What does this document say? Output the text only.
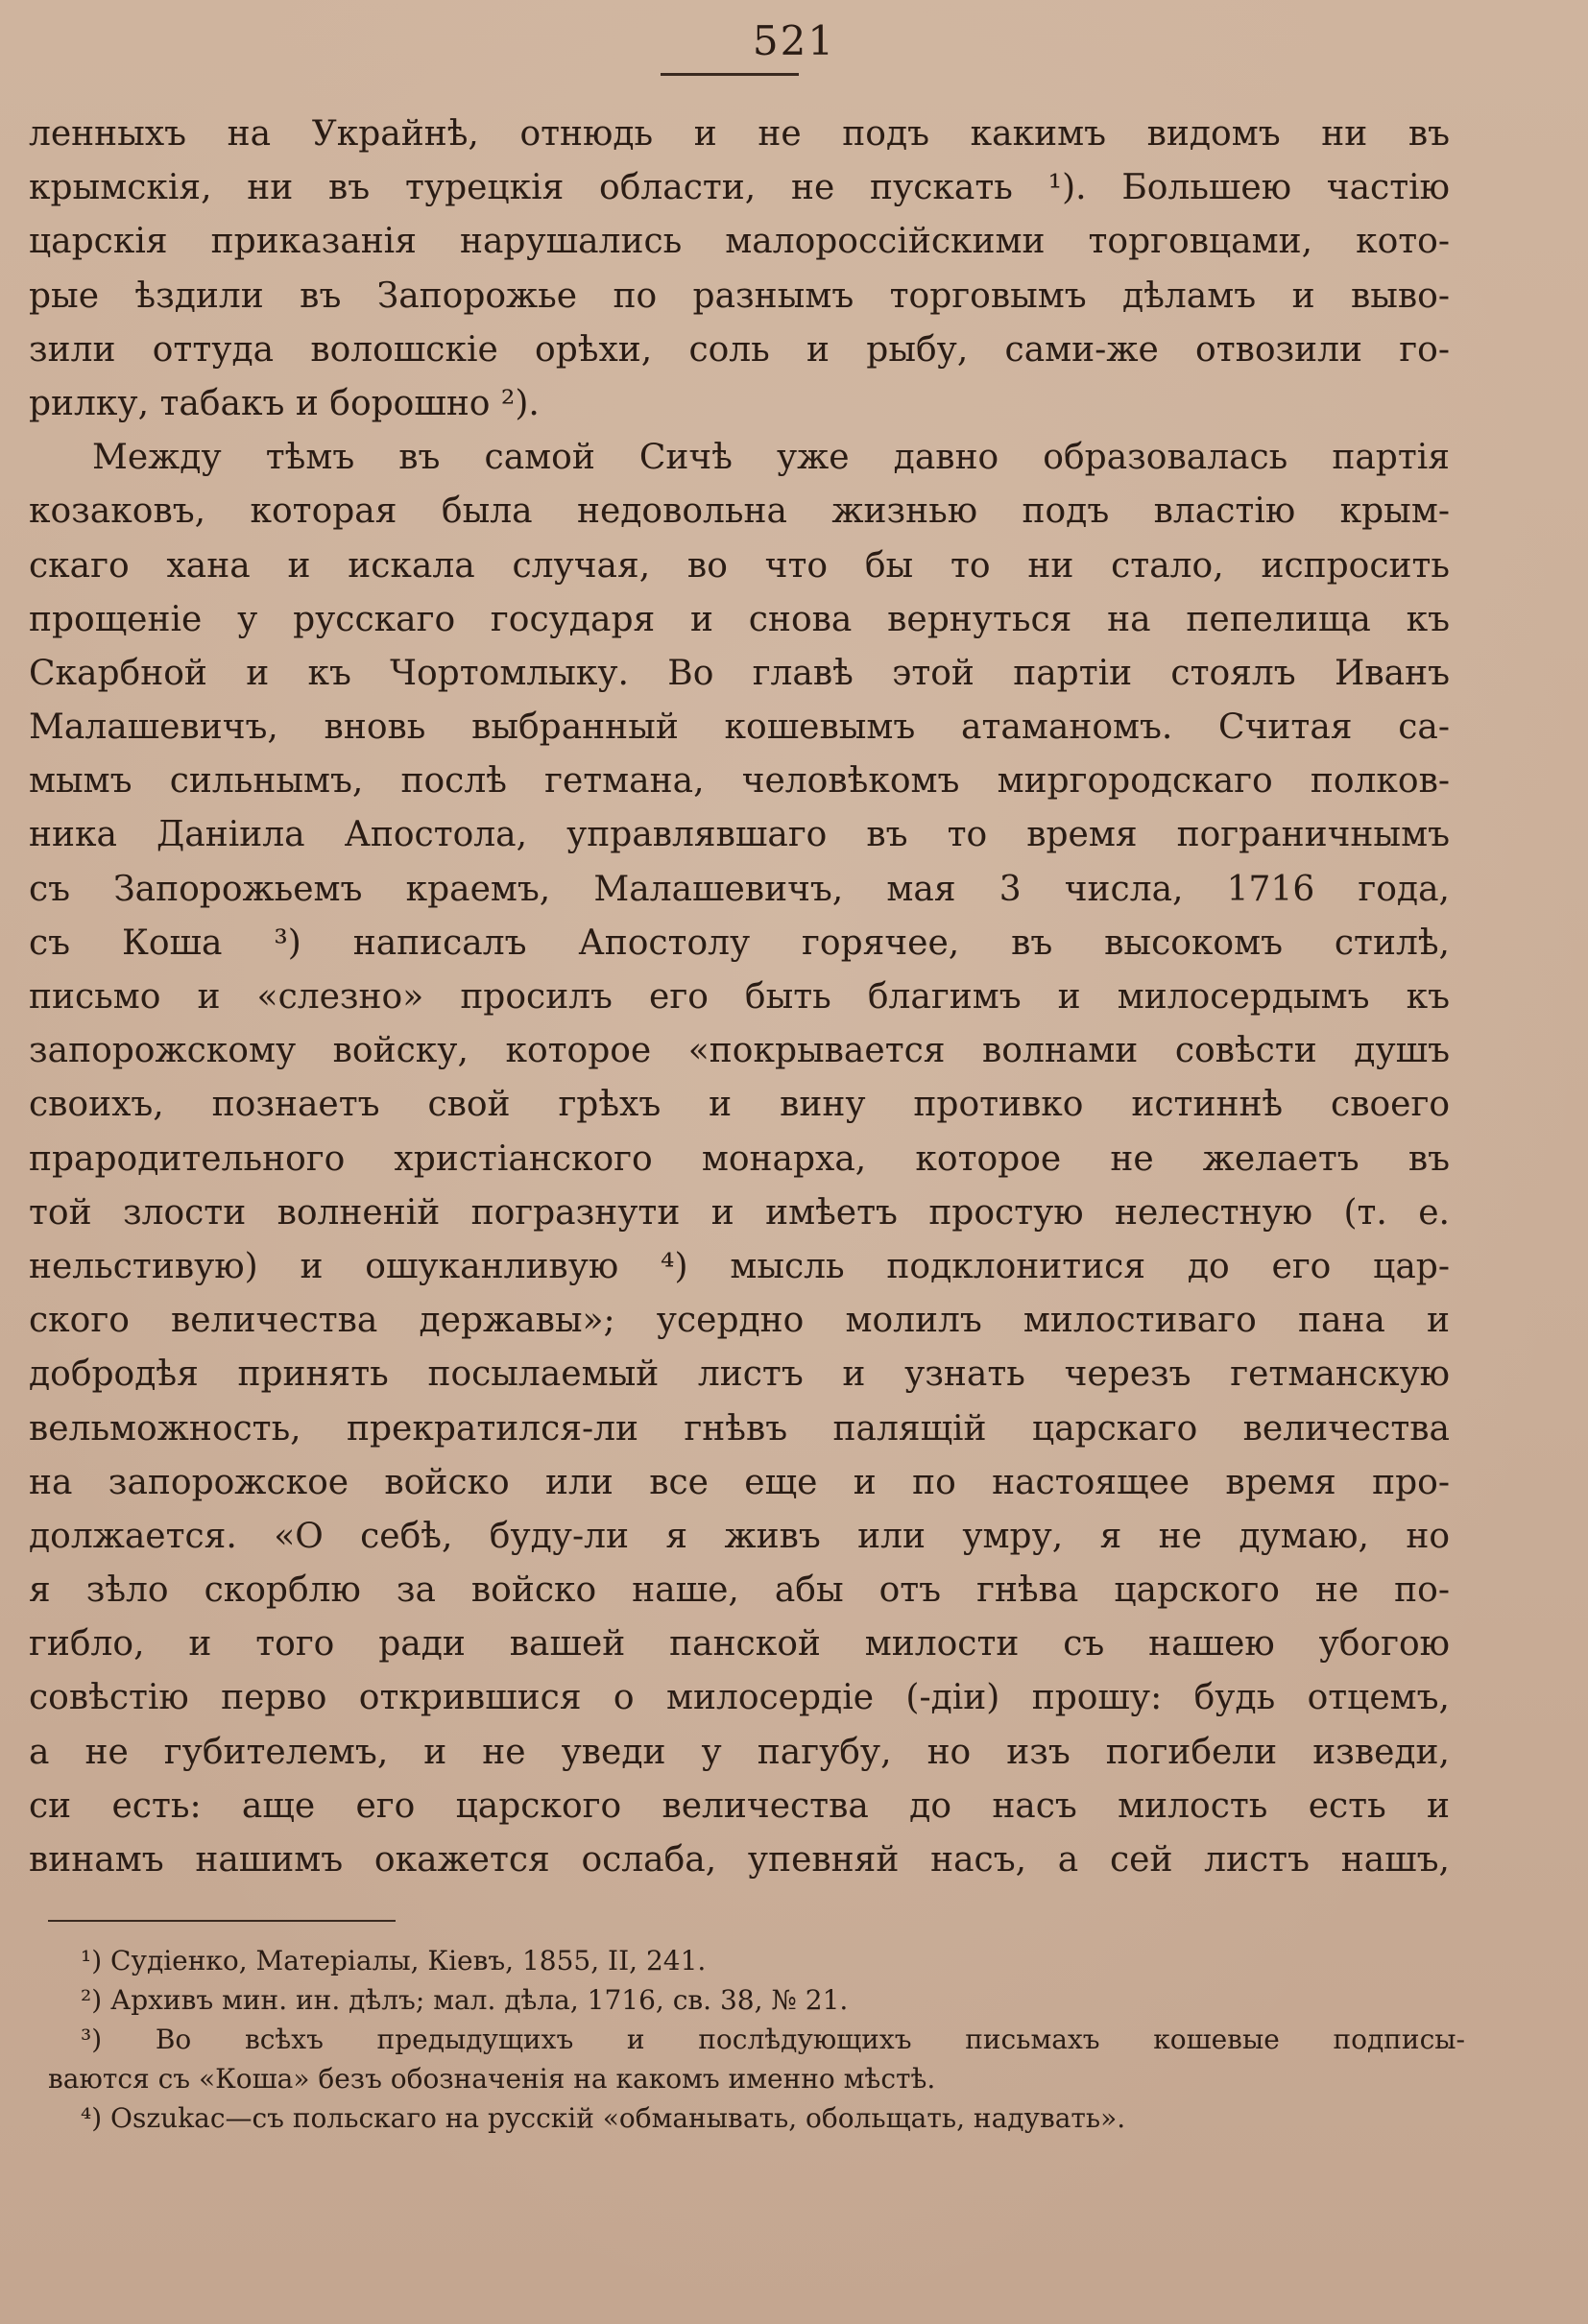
521
ленныхъ на Украйнѣ, отнюдь и не подъ какимъ видомъ ни въ
крымскія, ни въ турецкія области, не пускать ¹). Большею частію
царскія приказанія нарушались малороссійскими торговцами, кото-
рые ѣздили въ Запорожье по разнымъ торговымъ дѣламъ и выво-
зили оттуда волошскіе орѣхи, соль и рыбу, сами-же отвозили го-
рилку, табакъ и борошно ²).
Между тѣмъ въ самой Сичѣ уже давно образовалась партія
козаковъ, которая была недовольна жизнью подъ властію крым-
скаго хана и искала случая, во что бы то ни стало, испросить
прощеніе у русскаго государя и снова вернуться на пепелища къ
Скарбной и къ Чортомлыку. Во главѣ этой партіи стоялъ Иванъ
Малашевичъ, вновь выбранный кошевымъ атаманомъ. Считая са-
мымъ сильнымъ, послѣ гетмана, человѣкомъ миргородскаго полков-
ника Даніила Апостола, управлявшаго въ то время пограничнымъ
съ Запорожьемъ краемъ, Малашевичъ, мая 3 числа, 1716 года,
съ Коша ³) написалъ Апостолу горячее, въ высокомъ стилѣ,
письмо и «слезно» просилъ его быть благимъ и милосердымъ къ
запорожскому войску, которое «покрывается волнами совѣсти душъ
своихъ, познаетъ свой грѣхъ и вину противко истиннѣ своего
прародительного христіанского монарха, которое не желаетъ въ
той злости волненій погразнути и имѣетъ простую нелестную (т. е.
нельстивую) и ошуканливую ⁴) мысль подклонитися до его цар-
ского величества державы»; усердно молилъ милостиваго пана и
добродѣя принять посылаемый листъ и узнать черезъ гетманскую
вельможность, прекратился-ли гнѣвъ палящій царскаго величества
на запорожское войско или все еще и по настоящее время про-
должается. «О себѣ, буду-ли я живъ или умру, я не думаю, но
я зѣло скорблю за войско наше, абы отъ гнѣва царского не по-
гибло, и того ради вашей панской милости съ нашею убогою
совѣстію перво открившися о милосердіе (-діи) прошу: будь отцемъ,
а не губителемъ, и не уведи у пагубу, но изъ погибели изведи,
си есть: аще его царского величества до насъ милость есть и
винамъ нашимъ окажется ослаба, упевняй насъ, а сей листъ нашъ,
¹) Судіенко, Матеріалы, Кіевъ, 1855, II, 241.
²) Архивъ мин. ин. дѣлъ; мал. дѣла, 1716, св. 38, № 21.
³) Во всѣхъ предыдущихъ и послѣдующихъ письмахъ кошевые подписы-
ваются съ «Коша» безъ обозначенія на какомъ именно мѣстѣ.
⁴) Oszukac—съ польскаго на русскій «обманывать, обольщать, надувать».
